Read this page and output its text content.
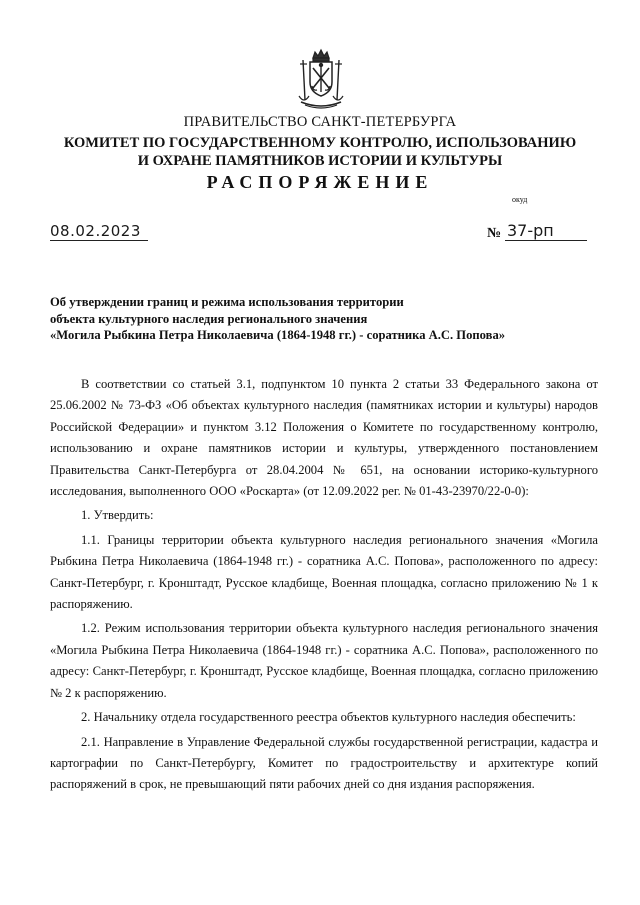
ПРАВИТЕЛЬСТВО САНКТ-ПЕТЕРБУРГА
КОМИТЕТ ПО ГОСУДАРСТВЕННОМУ КОНТРОЛЮ, ИСПОЛЬЗОВАНИЮ
И ОХРАНЕ ПАМЯТНИКОВ ИСТОРИИ И КУЛЬТУРЫ
РАСПОРЯЖЕНИЕ
окуд
08.02.2023	№ 37-рп
Об утверждении границ и режима использования территории
объекта культурного наследия регионального значения
«Могила Рыбкина Петра Николаевича (1864-1948 гг.) - соратника А.С. Попова»

В соответствии со статьей 3.1, подпунктом 10 пункта 2 статьи 33 Федерального закона от 25.06.2002 № 73-ФЗ «Об объектах культурного наследия (памятниках истории и культуры) народов Российской Федерации» и пунктом 3.12 Положения о Комитете по государственному контролю, использованию и охране памятников истории и культуры, утвержденного постановлением Правительства Санкт-Петербурга от 28.04.2004 № 651, на основании историко-культурного исследования, выполненного ООО «Роскарта» (от 12.09.2022 рег. № 01-43-23970/22-0-0):

1. Утвердить:

1.1. Границы территории объекта культурного наследия регионального значения «Могила Рыбкина Петра Николаевича (1864-1948 гг.) - соратника А.С. Попова», расположенного по адресу: Санкт-Петербург, г. Кронштадт, Русское кладбище, Военная площадка, согласно приложению № 1 к распоряжению.

1.2. Режим использования территории объекта культурного наследия регионального значения «Могила Рыбкина Петра Николаевича (1864-1948 гг.) - соратника А.С. Попова», расположенного по адресу: Санкт-Петербург, г. Кронштадт, Русское кладбище, Военная площадка, согласно приложению № 2 к распоряжению.

2. Начальнику отдела государственного реестра объектов культурного наследия обеспечить:

2.1. Направление в Управление Федеральной службы государственной регистрации, кадастра и картографии по Санкт-Петербургу, Комитет по градостроительству и архитектуре копий распоряжений в срок, не превышающий пяти рабочих дней со дня издания распоряжения.
